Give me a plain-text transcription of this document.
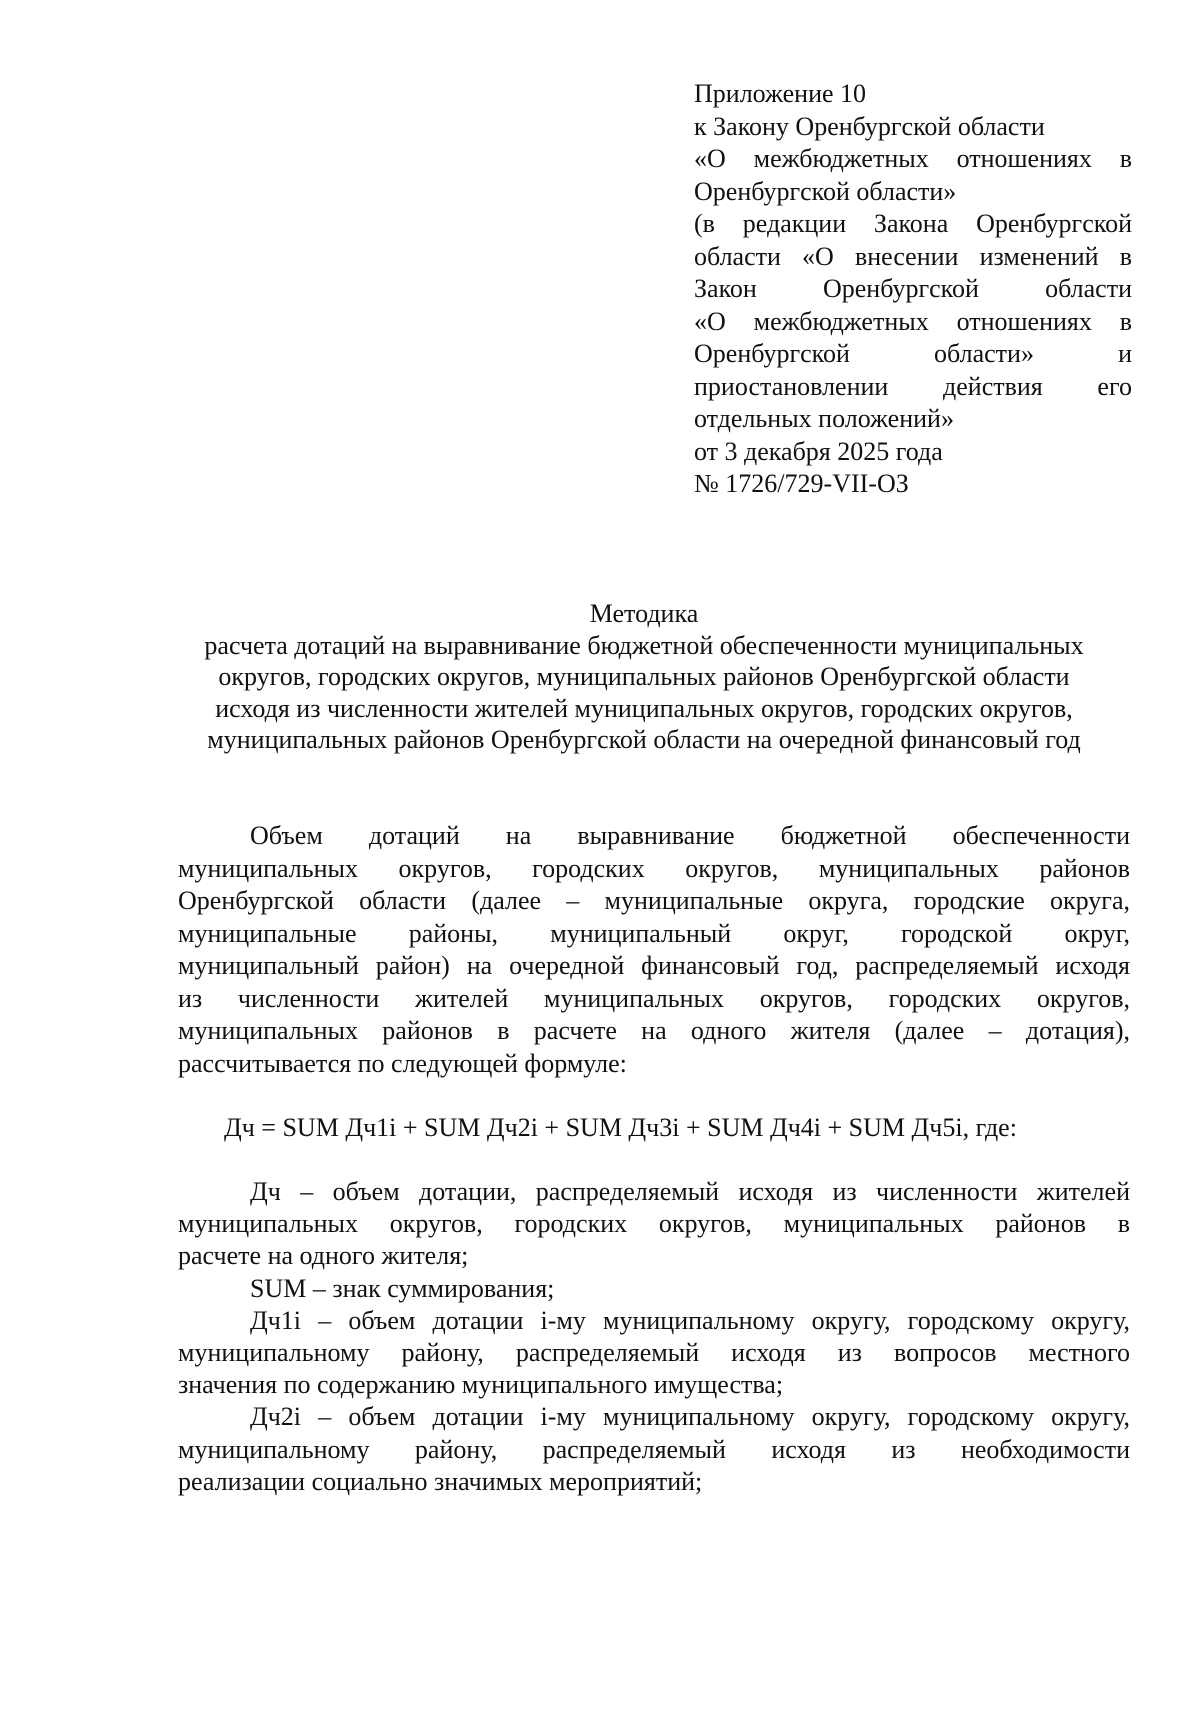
Приложение 10
к Закону Оренбургской области
«О межбюджетных отношениях в
Оренбургской области»
(в редакции Закона Оренбургской
области «О внесении изменений в
Закон Оренбургской области
«О межбюджетных отношениях в
Оренбургской области» и
приостановлении действия его
отдельных положений»
от 3 декабря 2025 года
№ 1726/729-VII-ОЗ
Методика
расчета дотаций на выравнивание бюджетной обеспеченности муниципальных
округов, городских округов, муниципальных районов Оренбургской области
исходя из численности жителей муниципальных округов, городских округов,
муниципальных районов Оренбургской области на очередной финансовый год
Объем дотаций на выравнивание бюджетной обеспеченности
муниципальных округов, городских округов, муниципальных районов
Оренбургской области (далее – муниципальные округа, городские округа,
муниципальные районы, муниципальный округ, городской округ,
муниципальный район) на очередной финансовый год, распределяемый исходя
из численности жителей муниципальных округов, городских округов,
муниципальных районов в расчете на одного жителя (далее – дотация),
рассчитывается по следующей формуле:
Дч = SUM Дч1i + SUM Дч2i + SUM Дч3i + SUM Дч4i + SUM Дч5i, где:
Дч – объем дотации, распределяемый исходя из численности жителей
муниципальных округов, городских округов, муниципальных районов в
расчете на одного жителя;
SUM – знак суммирования;
Дч1i – объем дотации i-му муниципальному округу, городскому округу,
муниципальному району, распределяемый исходя из вопросов местного
значения по содержанию муниципального имущества;
Дч2i – объем дотации i-му муниципальному округу, городскому округу,
муниципальному району, распределяемый исходя из необходимости
реализации социально значимых мероприятий;
